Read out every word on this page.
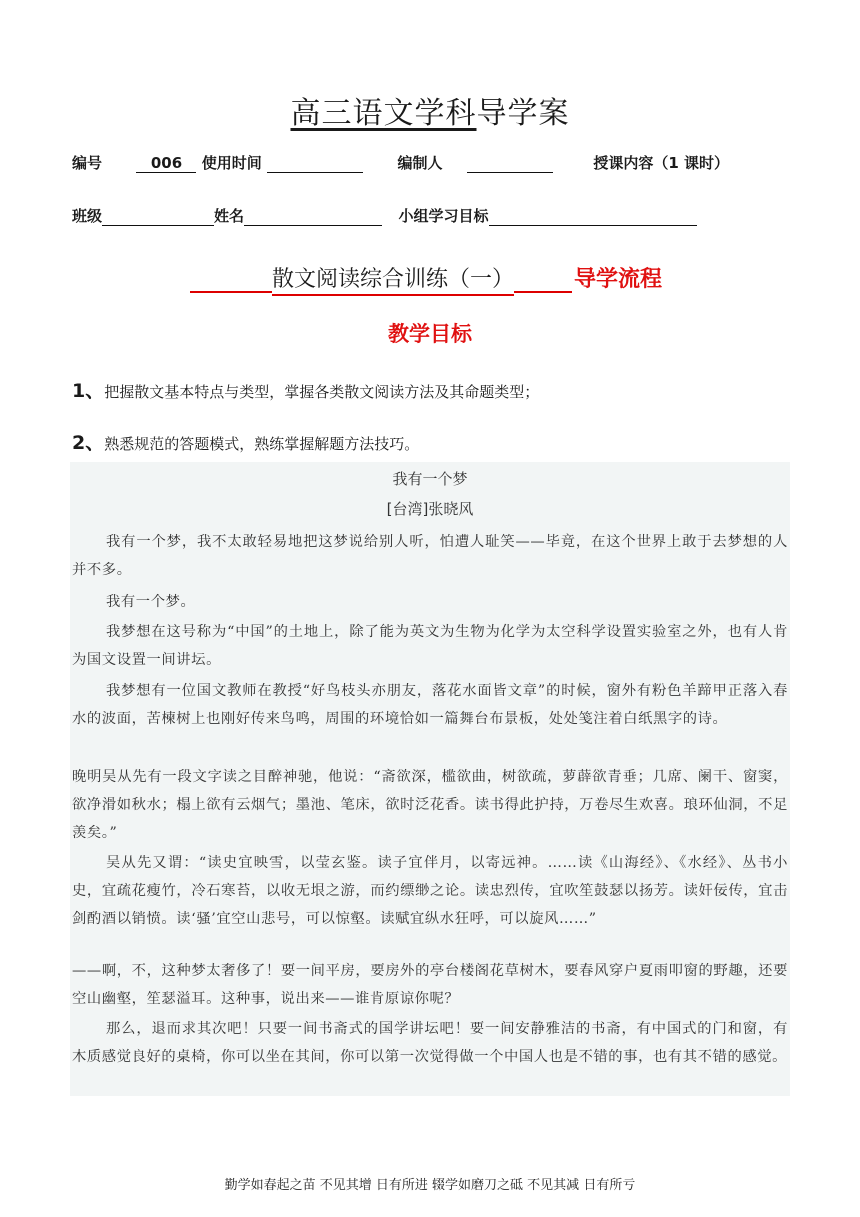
高三语文学科导学案
编号	006 使用时间	编制人	授课内容（1 课时）
班级	姓名	小组学习目标
散文阅读综合训练（一）	导学流程
教学目标
1、把握散文基本特点与类型，掌握各类散文阅读方法及其命题类型；
2、熟悉规范的答题模式，熟练掌握解题方法技巧。
我有一个梦
[台湾]张晓风
我有一个梦，我不太敢轻易地把这梦说给别人听，怕遭人耻笑——毕竟，在这个世界上敢于去梦想的人并不多。
我有一个梦。
我梦想在这号称为“中国”的土地上，除了能为英文为生物为化学为太空科学设置实验室之外，也有人肯为国文设置一间讲坛。
我梦想有一位国文教师在教授“好鸟枝头亦朋友，落花水面皆文章”的时候，窗外有粉色羊蹄甲正落入春水的波面，苦楝树上也刚好传来鸟鸣，周围的环境恰如一篇舞台布景板，处处笺注着白纸黑字的诗。
晚明吴从先有一段文字读之目醉神驰，他说：“斋欲深，槛欲曲，树欲疏，萝薜欲青垂；几席、阑干、窗窦，欲净滑如秋水；榻上欲有云烟气；墨池、笔床，欲时泛花香。读书得此护持，万卷尽生欢喜。琅环仙洞，不足羡矣。”
吴从先又谓：“读史宜映雪，以莹玄鉴。读子宜伴月，以寄远神。……读《山海经》、《水经》、丛书小史，宜疏花瘦竹，冷石寒苔，以收无垠之游，而约缥缈之论。读忠烈传，宜吹笙鼓瑟以扬芳。读奸佞传，宜击剑酌酒以销愤。读‘骚’宜空山悲号，可以惊壑。读赋宜纵水狂呼，可以旋风……”
——啊，不，这种梦太奢侈了！要一间平房，要房外的亭台楼阁花草树木，要春风穿户夏雨叩窗的野趣，还要空山幽壑，笙瑟溢耳。这种事，说出来——谁肯原谅你呢？
那么，退而求其次吧！只要一间书斋式的国学讲坛吧！要一间安静雅洁的书斋，有中国式的门和窗，有木质感觉良好的桌椅，你可以坐在其间，你可以第一次觉得做一个中国人也是不错的事，也有其不错的感觉。
勤学如春起之苗 不见其增 日有所进 辍学如磨刀之砥 不见其减 日有所亏
